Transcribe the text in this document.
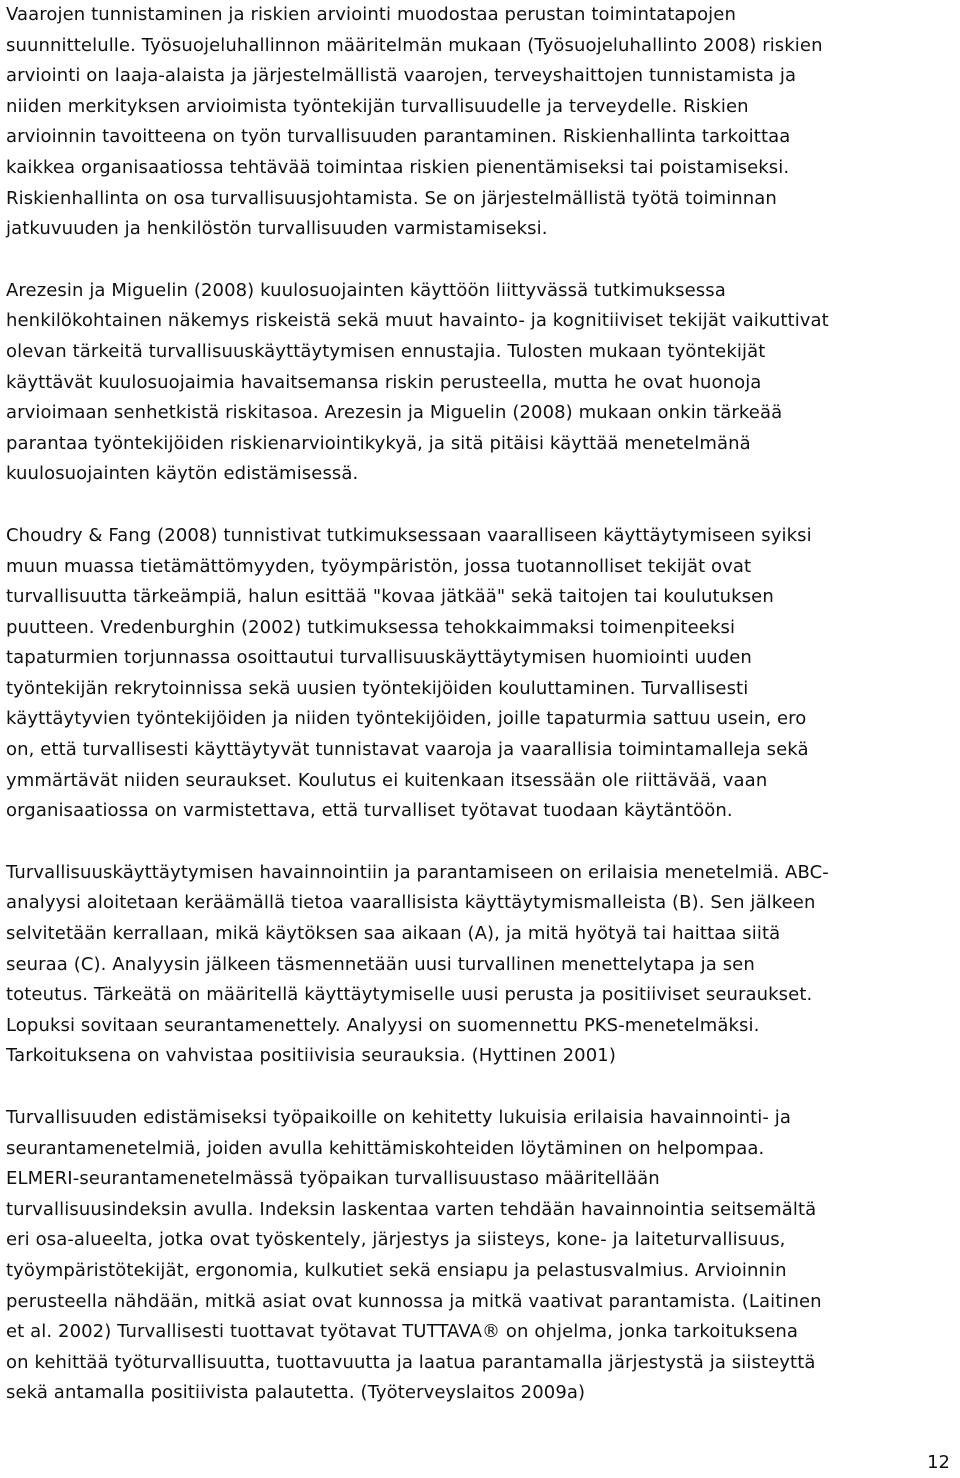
Vaarojen tunnistaminen ja riskien arviointi muodostaa perustan toimintatapojen
suunnittelulle. Työsuojeluhallinnon määritelmän mukaan (Työsuojeluhallinto 2008) riskien
arviointi on laaja-alaista ja järjestelmällistä vaarojen, terveyshaittojen tunnistamista ja
niiden merkityksen arvioimista työntekijän turvallisuudelle ja terveydelle. Riskien
arvioinnin tavoitteena on työn turvallisuuden parantaminen. Riskienhallinta tarkoittaa
kaikkea organisaatiossa tehtävää toimintaa riskien pienentämiseksi tai poistamiseksi.
Riskienhallinta on osa turvallisuusjohtamista. Se on järjestelmällistä työtä toiminnan
jatkuvuuden ja henkilöstön turvallisuuden varmistamiseksi.
Arezesin ja Miguelin (2008) kuulosuojainten käyttöön liittyvässä tutkimuksessa
henkilökohtainen näkemys riskeistä sekä muut havainto- ja kognitiiviset tekijät vaikuttivat
olevan tärkeitä turvallisuuskäyttäytymisen ennustajia. Tulosten mukaan työntekijät
käyttävät kuulosuojaimia havaitsemansa riskin perusteella, mutta he ovat huonoja
arvioimaan senhetkistä riskitasoa. Arezesin ja Miguelin (2008) mukaan onkin tärkeää
parantaa työntekijöiden riskienarviointikykyä, ja sitä pitäisi käyttää menetelmänä
kuulosuojainten käytön edistämisessä.
Choudry & Fang (2008) tunnistivat tutkimuksessaan vaaralliseen käyttäytymiseen syiksi
muun muassa tietämättömyyden, työympäristön, jossa tuotannolliset tekijät ovat
turvallisuutta tärkeämpiä, halun esittää "kovaa jätkää" sekä taitojen tai koulutuksen
puutteen. Vredenburghin (2002) tutkimuksessa tehokkaimmaksi toimenpiteeksi
tapaturmien torjunnassa osoittautui turvallisuuskäyttäytymisen huomiointi uuden
työntekijän rekrytoinnissa sekä uusien työntekijöiden kouluttaminen. Turvallisesti
käyttäytyvien työntekijöiden ja niiden työntekijöiden, joille tapaturmia sattuu usein, ero
on, että turvallisesti käyttäytyvät tunnistavat vaaroja ja vaarallisia toimintamalleja sekä
ymmärtävät niiden seuraukset. Koulutus ei kuitenkaan itsessään ole riittävää, vaan
organisaatiossa on varmistettava, että turvalliset työtavat tuodaan käytäntöön.
Turvallisuuskäyttäytymisen havainnointiin ja parantamiseen on erilaisia menetelmiä. ABC-
analyysi aloitetaan keräämällä tietoa vaarallisista käyttäytymismalleista (B). Sen jälkeen
selvitetään kerrallaan, mikä käytöksen saa aikaan (A), ja mitä hyötyä tai haittaa siitä
seuraa (C). Analyysin jälkeen täsmennetään uusi turvallinen menettelytapa ja sen
toteutus. Tärkeätä on määritellä käyttäytymiselle uusi perusta ja positiiviset seuraukset.
Lopuksi sovitaan seurantamenettely. Analyysi on suomennettu PKS-menetelmäksi.
Tarkoituksena on vahvistaa positiivisia seurauksia. (Hyttinen 2001)
Turvallisuuden edistämiseksi työpaikoille on kehitetty lukuisia erilaisia havainnointi- ja
seurantamenetelmiä, joiden avulla kehittämiskohteiden löytäminen on helpompaa.
ELMERI-seurantamenetelmässä työpaikan turvallisuustaso määritellään
turvallisuusindeksin avulla. Indeksin laskentaa varten tehdään havainnointia seitsemältä
eri osa-alueelta, jotka ovat työskentely, järjestys ja siisteys, kone- ja laiteturvallisuus,
työympäristötekijät, ergonomia, kulkutiet sekä ensiapu ja pelastusvalmius. Arvioinnin
perusteella nähdään, mitkä asiat ovat kunnossa ja mitkä vaativat parantamista. (Laitinen
et al. 2002) Turvallisesti tuottavat työtavat TUTTAVA® on ohjelma, jonka tarkoituksena
on kehittää työturvallisuutta, tuottavuutta ja laatua parantamalla järjestystä ja siisteyttä
sekä antamalla positiivista palautetta. (Työterveyslaitos 2009a)
12
